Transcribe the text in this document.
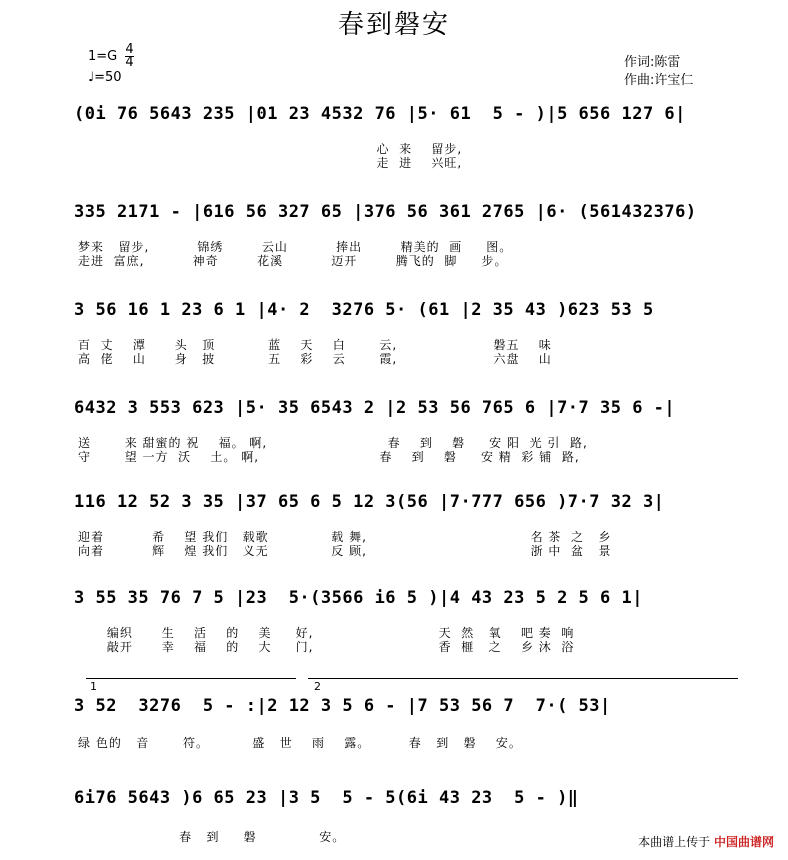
春到磐安
$1=G \frac{4}{4}$
♩=50
作词:陈雷
作曲:许宝仁
(0i 76 5643 235 |01 23 4532 76 |5· 61  5 - )|5 656 127 6|
心  来    留步,
走  进    兴旺,
335 2171 - |616 56 327 65 |376 56 361 2765 |6· (561432376)
梦来   留步,          锦绣        云山          捧出        精美的  画     图。
走进  富庶,          神奇        花溪          迈开        腾飞的  脚     步。
3 56 16 1 23 6 1 |4· 2  3276 5· (61 |2 35 43 )623 53 5
百  丈    潭      头   顶           蓝    天    白       云,                    磐五    味
高  佬    山      身   披           五    彩    云       霞,                    六盘    山
6432 3 553 623 |5· 35 6543 2 |2 53 56 765 6 |7·7 35 6 -|
送       来 甜蜜的 祝    福。 啊,                         春    到    磐     安 阳  光 引  路,
守       望 一方  沃    土。 啊,                         春    到    磐     安 精  彩 铺  路,
116 12 52 3 35 |37 65 6 5 12 3(56 |7·777 656 )7·7 32 3|
迎着          希    望 我们   载歌             载 舞,                                  名 茶  之   乡
向着          辉    煌 我们   义无             反 顾,                                  浙 中  盆   景
3 55 35 76 7 5 |23  5·(3566 i6 5 )|4 43 23 5 2 5 6 1|
编织      生    活    的    美     好,                          天  然   氧    吧 奏  响
敲开      幸    福    的    大     门,                          香  榧   之    乡 沐  浴
1	2
3 52  3276  5 - :|2 12 3 5 6 - |7 53 56 7  7·( 53|
绿 色的   音       符。         盛   世    雨    露。        春   到   磐    安。
6i76 5643 )6 65 23 |3 5  5 - 5(6i 43 23  5 - )‖
春   到     磐             安。	本曲谱上传于 中国曲谱网
